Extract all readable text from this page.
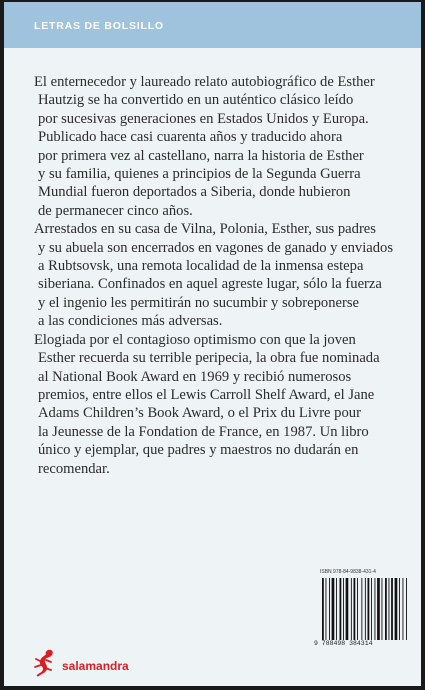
LETRAS DE BOLSILLO

El enternecedor y laureado relato autobiográfico de Esther
Hautzig se ha convertido en un auténtico clásico leído
por sucesivas generaciones en Estados Unidos y Europa.
Publicado hace casi cuarenta años y traducido ahora
por primera vez al castellano, narra la historia de Esther
y su familia, quienes a principios de la Segunda Guerra
Mundial fueron deportados a Siberia, donde hubieron
de permanecer cinco años.

Arrestados en su casa de Vilna, Polonia, Esther, sus padres
y su abuela son encerrados en vagones de ganado y enviados
a Rubtsovsk, una remota localidad de la inmensa estepa
siberiana. Confinados en aquel agreste lugar, sólo la fuerza
y el ingenio les permitirán no sucumbir y sobreponerse
a las condiciones más adversas.

Elogiada por el contagioso optimismo con que la joven
Esther recuerda su terrible peripecia, la obra fue nominada
al National Book Award en 1969 y recibió numerosos
premios, entre ellos el Lewis Carroll Shelf Award, el Jane
Adams Children’s Book Award, o el Prix du Livre pour
la Jeunesse de la Fondation de France, en 1987. Un libro
único y ejemplar, que padres y maestros no dudarán en
recomendar.

ISBN 978-84-9838-431-4
9 788498 384314
salamandra
